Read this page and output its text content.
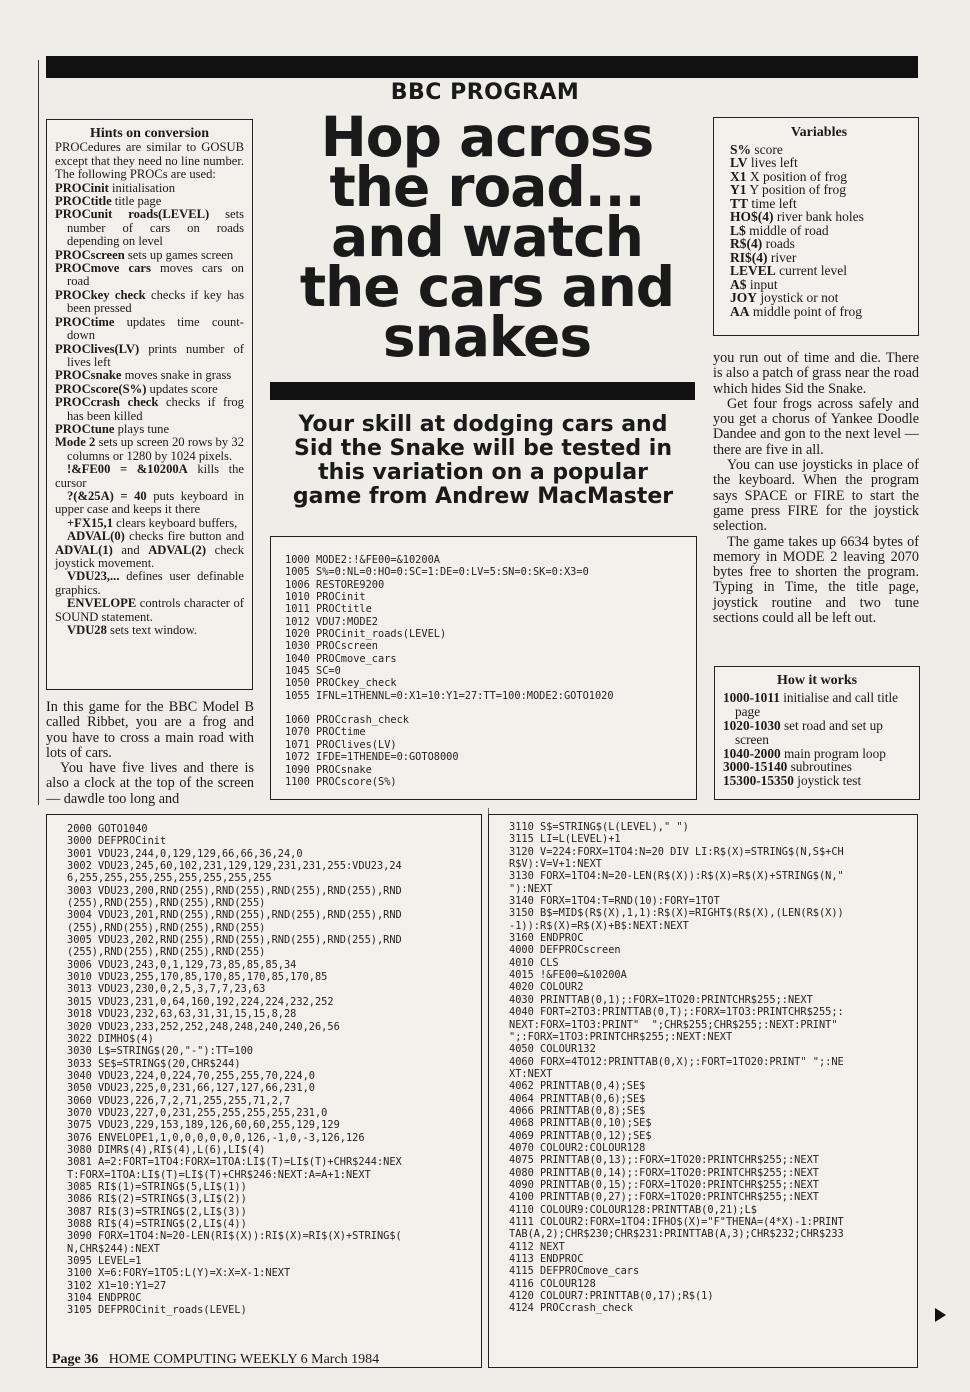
BBC PROGRAM
Hints on conversion

PROCedures are similar to GOSUB except that they need no line number. The following PROCs are used:

PROCinit initialisation

PROCtitle title page

PROCunit roads(LEVEL) sets number of cars on roads depending on level

PROCscreen sets up games screen

PROCmove cars moves cars on road

PROCkey check checks if key has been pressed

PROCtime updates time count-down

PROClives(LV) prints number of lives left

PROCsnake moves snake in grass

PROCscore(S%) updates score

PROCcrash check checks if frog has been killed

PROCtune plays tune

Mode 2 sets up screen 20 rows by 32 columns or 1280 by 1024 pixels.

!&FE00 = &10200A kills the cursor

?(&25A) = 40 puts keyboard in upper case and keeps it there

+FX15,1 clears keyboard buffers,

ADVAL(0) checks fire button and ADVAL(1) and ADVAL(2) check joystick movement.

VDU23,... defines user definable graphics.

ENVELOPE controls character of SOUND statement.

VDU28 sets text window.

Hop across
the road...
and watch
the cars and
snakes
Your skill at dodging cars and
Sid the Snake will be tested in
this variation on a popular
game from Andrew MacMaster
Variables

S% score

LV lives left

X1 X position of frog

Y1 Y position of frog

TT time left

HO$(4) river bank holes

L$ middle of road

R$(4) roads

RI$(4) river

LEVEL current level

A$ input

JOY joystick or not

AA middle point of frog

you run out of time and die. There is also a patch of grass near the road which hides Sid the Snake.

Get four frogs across safely and you get a chorus of Yankee Doodle Dandee and gon to the next level — there are five in all.

You can use joysticks in place of the keyboard. When the program says SPACE or FIRE to start the game press FIRE for the joystick selection.

The game takes up 6634 bytes of memory in MODE 2 leaving 2070 bytes free to shorten the program. Typing in Time, the title page, joystick routine and two tune sections could all be left out.

How it works

1000-1011 initialise and call title page

1020-1030 set road and set up screen

1040-2000 main program loop

3000-15140 subroutines

15300-15350 joystick test

In this game for the BBC Model B called Ribbet, you are a frog and you have to cross a main road with lots of cars.

You have five lives and there is also a clock at the top of the screen — dawdle too long and

1000 MODE2:!&FE00=&10200A
1005 S%=0:NL=0:HO=0:SC=1:DE=0:LV=5:SN=0:SK=0:X3=0
1006 RESTORE9200
1010 PROCinit
1011 PROCtitle
1012 VDU7:MODE2
1020 PROCinit_roads(LEVEL)
1030 PROCscreen
1040 PROCmove_cars
1045 SC=0
1050 PROCkey_check
1055 IFNL=1THENNL=0:X1=10:Y1=27:TT=100:MODE2:GOTO1020
1060 PROCcrash_check
1070 PROCtime
1071 PROClives(LV)
1072 IFDE=1THENDE=0:GOTO8000
1090 PROCsnake
1100 PROCscore(S%)
2000 GOTO1040
3000 DEFPROCinit
3001 VDU23,244,0,129,129,66,66,36,24,0
3002 VDU23,245,60,102,231,129,129,231,231,255:VDU23,24
6,255,255,255,255,255,255,255,255
3003 VDU23,200,RND(255),RND(255),RND(255),RND(255),RND
(255),RND(255),RND(255),RND(255)
3004 VDU23,201,RND(255),RND(255),RND(255),RND(255),RND
(255),RND(255),RND(255),RND(255)
3005 VDU23,202,RND(255),RND(255),RND(255),RND(255),RND
(255),RND(255),RND(255),RND(255)
3006 VDU23,243,0,1,129,73,85,85,85,34
3010 VDU23,255,170,85,170,85,170,85,170,85
3013 VDU23,230,0,2,5,3,7,7,23,63
3015 VDU23,231,0,64,160,192,224,224,232,252
3018 VDU23,232,63,63,31,31,15,15,8,28
3020 VDU23,233,252,252,248,248,240,240,26,56
3022 DIMHO$(4)
3030 L$=STRING$(20,"-"):TT=100
3033 SE$=STRING$(20,CHR$244)
3040 VDU23,224,0,224,70,255,255,70,224,0
3050 VDU23,225,0,231,66,127,127,66,231,0
3060 VDU23,226,7,2,71,255,255,71,2,7
3070 VDU23,227,0,231,255,255,255,255,231,0
3075 VDU23,229,153,189,126,60,60,255,129,129
3076 ENVELOPE1,1,0,0,0,0,0,0,126,-1,0,-3,126,126
3080 DIMR$(4),RI$(4),L(6),LI$(4)
3081 A=2:FORT=1TO4:FORX=1TOA:LI$(T)=LI$(T)+CHR$244:NEX
T:FORX=1TOA:LI$(T)=LI$(T)+CHR$246:NEXT:A=A+1:NEXT
3085 RI$(1)=STRING$(5,LI$(1))
3086 RI$(2)=STRING$(3,LI$(2))
3087 RI$(3)=STRING$(2,LI$(3))
3088 RI$(4)=STRING$(2,LI$(4))
3090 FORX=1TO4:N=20-LEN(RI$(X)):RI$(X)=RI$(X)+STRING$(
N,CHR$244):NEXT
3095 LEVEL=1
3100 X=6:FORY=1TO5:L(Y)=X:X=X-1:NEXT
3102 X1=10:Y1=27
3104 ENDPROC
3105 DEFPROCinit_roads(LEVEL)
3110 S$=STRING$(L(LEVEL)," ")
3115 LI=L(LEVEL)+1
3120 V=224:FORX=1TO4:N=20 DIV LI:R$(X)=STRING$(N,S$+CH
R$V):V=V+1:NEXT
3130 FORX=1TO4:N=20-LEN(R$(X)):R$(X)=R$(X)+STRING$(N,"
"):NEXT
3140 FORX=1TO4:T=RND(10):FORY=1TOT
3150 B$=MID$(R$(X),1,1):R$(X)=RIGHT$(R$(X),(LEN(R$(X))
-1)):R$(X)=R$(X)+B$:NEXT:NEXT
3160 ENDPROC
4000 DEFPROCscreen
4010 CLS
4015 !&FE00=&10200A
4020 COLOUR2
4030 PRINTTAB(0,1);:FORX=1TO20:PRINTCHR$255;:NEXT
4040 FORT=2TO3:PRINTTAB(0,T);:FORX=1TO3:PRINTCHR$255;:
NEXT:FORX=1TO3:PRINT"  ";CHR$255;CHR$255;:NEXT:PRINT"
";:FORX=1TO3:PRINTCHR$255;:NEXT:NEXT
4050 COLOUR132
4060 FORX=4TO12:PRINTTAB(0,X);:FORT=1TO20:PRINT" ";:NE
XT:NEXT
4062 PRINTTAB(0,4);SE$
4064 PRINTTAB(0,6);SE$
4066 PRINTTAB(0,8);SE$
4068 PRINTTAB(0,10);SE$
4069 PRINTTAB(0,12);SE$
4070 COLOUR2:COLOUR128
4075 PRINTTAB(0,13);:FORX=1TO20:PRINTCHR$255;:NEXT
4080 PRINTTAB(0,14);:FORX=1TO20:PRINTCHR$255;:NEXT
4090 PRINTTAB(0,15);:FORX=1TO20:PRINTCHR$255;:NEXT
4100 PRINTTAB(0,27);:FORX=1TO20:PRINTCHR$255;:NEXT
4110 COLOUR9:COLOUR128:PRINTTAB(0,21);L$
4111 COLOUR2:FORX=1TO4:IFHO$(X)="F"THENA=(4*X)-1:PRINT
TAB(A,2);CHR$230;CHR$231:PRINTTAB(A,3);CHR$232;CHR$233
4112 NEXT
4113 ENDPROC
4115 DEFPROCmove_cars
4116 COLOUR128
4120 COLOUR7:PRINTTAB(0,17);R$(1)
4124 PROCcrash_check
Page 36 HOME COMPUTING WEEKLY 6 March 1984
